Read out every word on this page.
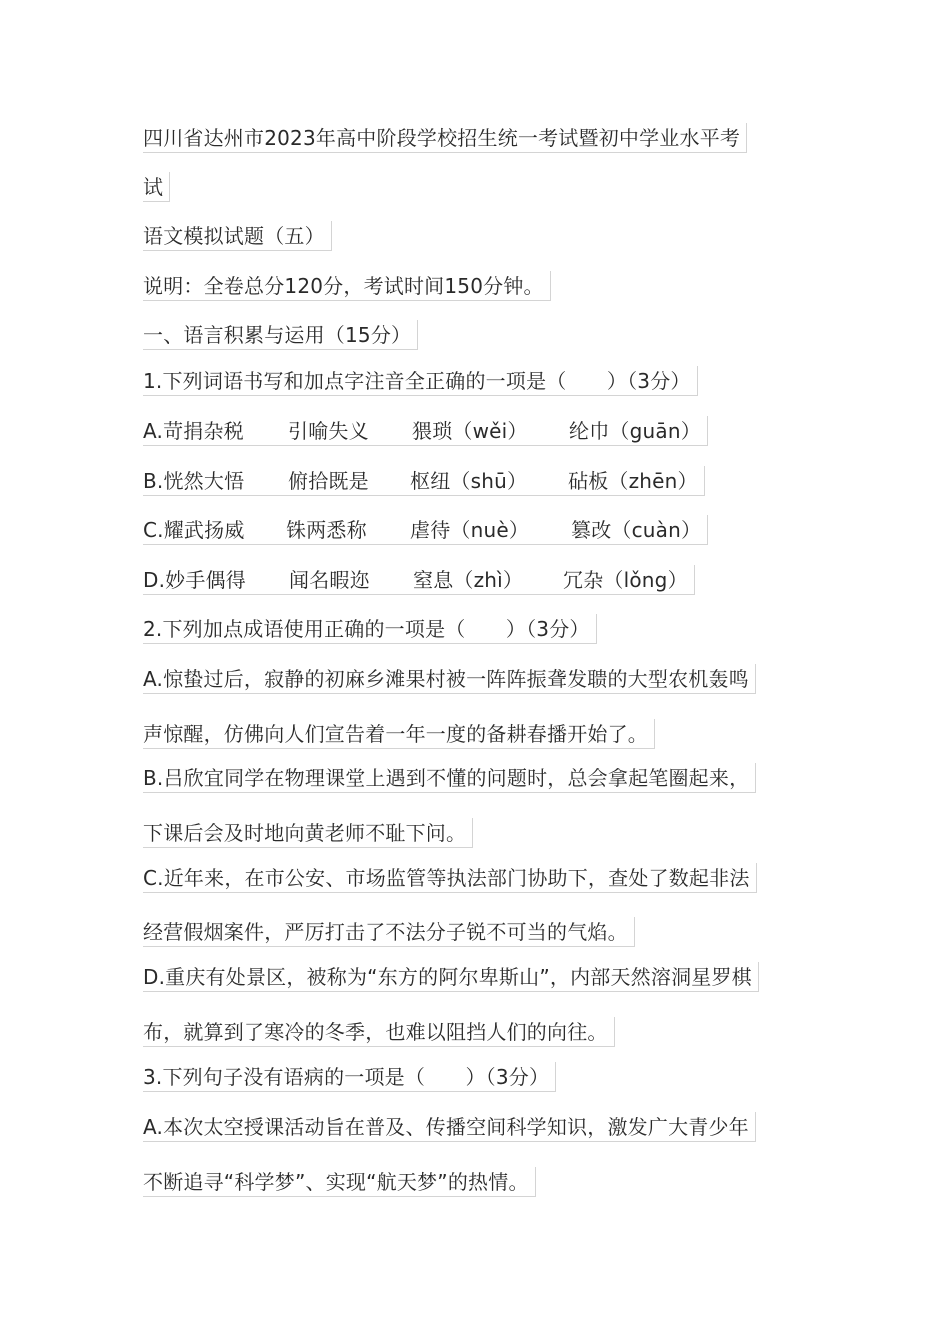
四川省达州市2023年高中阶段学校招生统一考试暨初中学业水平考
试
语文模拟试题（五）
说明：全卷总分120分，考试时间150分钟。
一、语言积累与运用（15分）
1.下列词语书写和加点字注音全正确的一项是（　　）（3分）
A.苛捐杂税 引喻失义 猥琐（wěi） 纶巾（guān）
B.恍然大悟 俯拾既是 枢纽（shū） 砧板（zhēn）
C.耀武扬威 铢两悉称 虐待（nuè） 篡改（cuàn）
D.妙手偶得 闻名暇迩 窒息（zhì） 冗杂（lǒng）
2.下列加点成语使用正确的一项是（　　）（3分）
A.惊蛰过后，寂静的初麻乡滩果村被一阵阵振聋发聩的大型农机轰鸣
声惊醒，仿佛向人们宣告着一年一度的备耕春播开始了。
B.吕欣宜同学在物理课堂上遇到不懂的问题时，总会拿起笔圈起来，
下课后会及时地向黄老师不耻下问。
C.近年来，在市公安、市场监管等执法部门协助下，查处了数起非法
经营假烟案件，严厉打击了不法分子锐不可当的气焰。
D.重庆有处景区，被称为“东方的阿尔卑斯山”，内部天然溶洞星罗棋
布，就算到了寒冷的冬季，也难以阻挡人们的向往。
3.下列句子没有语病的一项是（　　）（3分）
A.本次太空授课活动旨在普及、传播空间科学知识，激发广大青少年
不断追寻“科学梦”、实现“航天梦”的热情。
